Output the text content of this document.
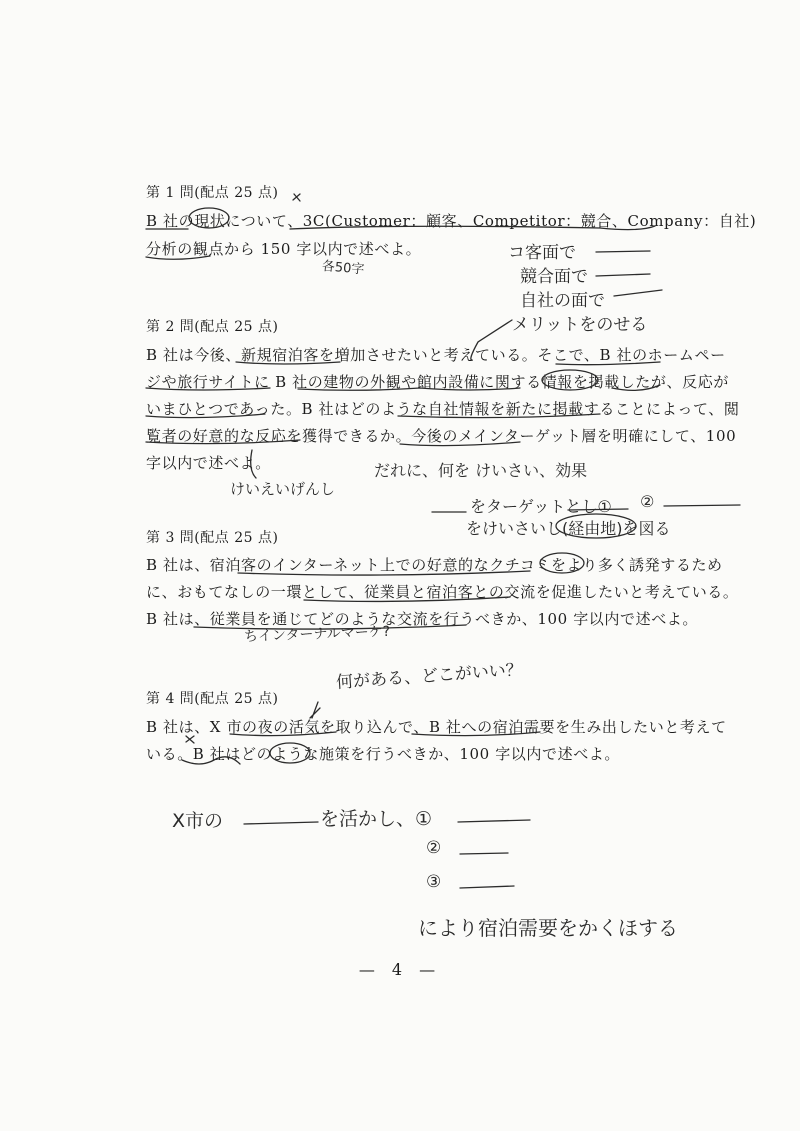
第 1 問(配点 25 点)
B 社の現状について、3C(Customer：顧客、Competitor：競合、Company：自社)
分析の観点から 150 字以内で述べよ。
第 2 問(配点 25 点)
B 社は今後、新規宿泊客を増加させたいと考えている。そこで、B 社のホームペー
ジや旅行サイトに B 社の建物の外観や館内設備に関する情報を掲載したが、反応が
いまひとつであった。B 社はどのような自社情報を新たに掲載することによって、閲
覧者の好意的な反応を獲得できるか。今後のメインターゲット層を明確にして、100
字以内で述べよ。
第 3 問(配点 25 点)
B 社は、宿泊客のインターネット上での好意的なクチコミをより多く誘発するため
に、おもてなしの一環として、従業員と宿泊客との交流を促進したいと考えている。
B 社は、従業員を通じてどのような交流を行うべきか、100 字以内で述べよ。
第 4 問(配点 25 点)
B 社は、X 市の夜の活気を取り込んで、B 社への宿泊需要を生み出したいと考えて
いる。B 社はどのような施策を行うべきか、100 字以内で述べよ。
各50字
コ客面で
競合面で
自社の面で
メリットをのせる
だれに、何を けいさい、効果
けいえいげんし
をターゲットとし① ②
をけいさいし(経由地)を図る
ちインターナルマーケ?
何がある、どこがいい？
X市の	を活かし、①
②
③
により宿泊需要をかくほする
— 4 —
